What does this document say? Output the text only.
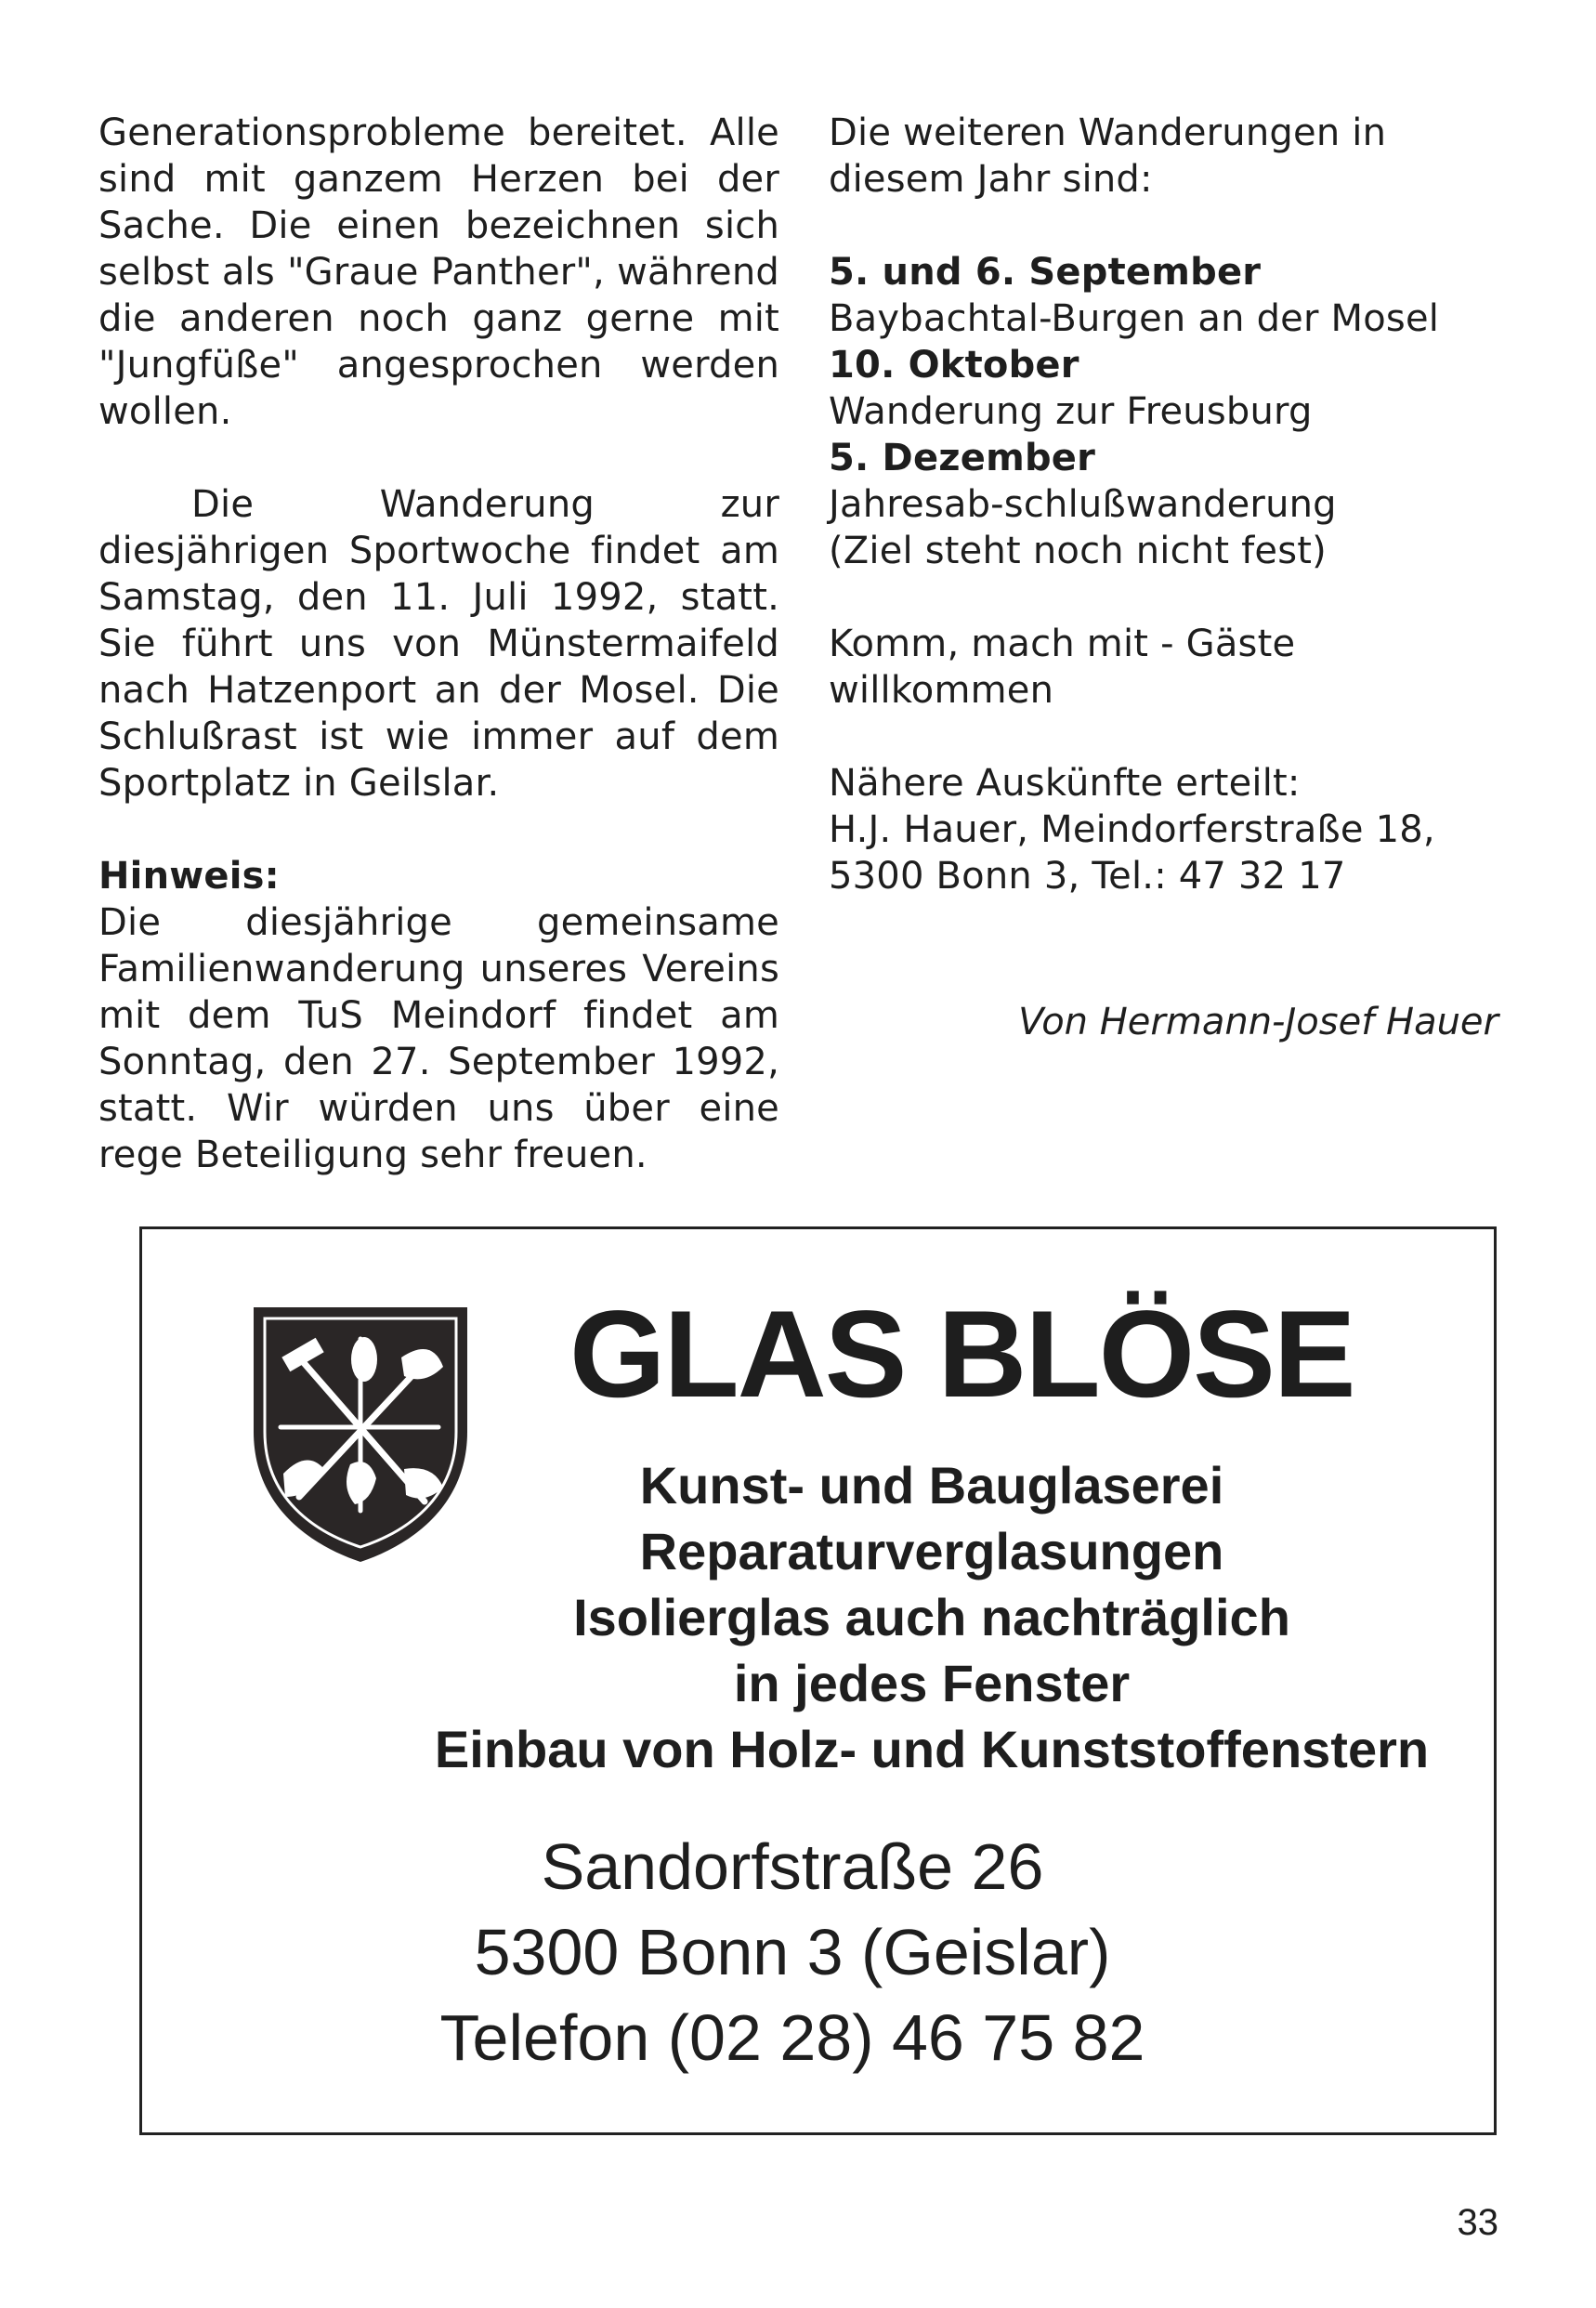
Generationsprobleme bereitet. Alle sind mit ganzem Herzen bei der Sache. Die einen bezeichnen sich selbst als "Graue Panther", während die anderen noch ganz gerne mit "Jungfüße" angesprochen werden wollen.

Die Wanderung zur diesjährigen Sportwoche findet am Samstag, den 11. Juli 1992, statt. Sie führt uns von Münstermaifeld nach Hatzenport an der Mosel. Die Schlußrast ist wie immer auf dem Sportplatz in Geilslar.

Hinweis:

Die diesjährige gemeinsame Familienwanderung unseres Vereins mit dem TuS Meindorf findet am Sonntag, den 27. September 1992, statt. Wir würden uns über eine rege Beteiligung sehr freuen.

Die weiteren Wanderungen in diesem Jahr sind:

5. und 6. September

Baybachtal-Burgen an der Mosel

10. Oktober

Wanderung zur Freusburg

5. Dezember

Jahresab-schlußwanderung

(Ziel steht noch nicht fest)

Komm, mach mit - Gäste willkommen

Nähere Auskünfte erteilt:

H.J. Hauer, Meindorferstraße 18,

5300 Bonn 3, Tel.: 47 32 17

Von Hermann-Josef Hauer
GLAS BLÖSE
Kunst- und Bauglaserei
Reparaturverglasungen
Isolierglas auch nachträglich
in jedes Fenster
Einbau von Holz- und Kunststoffenstern
Sandorfstraße 26
5300 Bonn 3 (Geislar)
Telefon (02 28) 46 75 82
33
